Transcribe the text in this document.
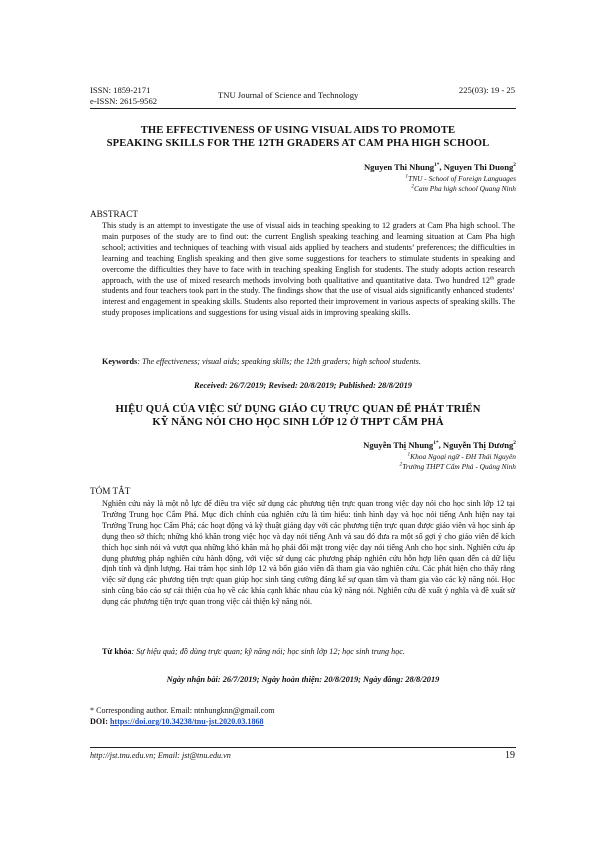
ISSN: 1859-2171
e-ISSN: 2615-9562
TNU Journal of Science and Technology	225(03): 19 - 25
THE EFFECTIVENESS OF USING VISUAL AIDS TO PROMOTE
SPEAKING SKILLS FOR THE 12TH GRADERS AT CAM PHA HIGH SCHOOL
Nguyen Thi Nhung$^{1*}$, Nguyen Thi Duong$^2$
$^1$TNU - School of Foreign Languages
$^2$Cam Pha high school Quang Ninh
ABSTRACT
This study is an attempt to investigate the use of visual aids in teaching speaking to 12 graders at Cam Pha high school. The main purposes of the study are to find out: the current English speaking teaching and learning situation at Cam Pha high school; activities and techniques of teaching with visual aids applied by teachers and students’ preferences; the difficulties in learning and teaching English speaking and then give some suggestions for teachers to stimulate students in speaking and overcome the difficulties they have to face with in teaching speaking English for students. The study adopts action research approach, with the use of mixed research methods involving both qualitative and quantitative data. Two hundred 12th grade students and four teachers took part in the study. The findings show that the use of visual aids significantly enhanced students’ interest and engagement in speaking skills. Students also reported their improvement in various aspects of speaking skills. The study proposes implications and suggestions for using visual aids in improving speaking skills.
Keywords: The effectiveness; visual aids; speaking skills; the 12th graders; high school students.
Received: 26/7/2019; Revised: 20/8/2019; Published: 28/8/2019
HIỆU QUẢ CỦA VIỆC SỬ DỤNG GIÁO CỤ TRỰC QUAN ĐỂ PHÁT TRIỂN
KỸ NĂNG NÓI CHO HỌC SINH LỚP 12 Ở THPT CẨM PHẢ
Nguyễn Thị Nhung$^{1*}$, Nguyễn Thị Dương$^2$
$^1$Khoa Ngoại ngữ - ĐH Thái Nguyên
$^2$Trường THPT Cẩm Phả - Quảng Ninh
TÓM TẮT
Nghiên cứu này là một nỗ lực để điều tra việc sử dụng các phương tiện trực quan trong việc dạy nói cho học sinh lớp 12 tại Trường Trung học Cẩm Phả. Mục đích chính của nghiên cứu là tìm hiểu: tình hình dạy và học nói tiếng Anh hiện nay tại Trường Trung học Cẩm Phả; các hoạt động và kỹ thuật giảng dạy với các phương tiện trực quan được giáo viên và học sinh áp dụng theo sở thích; những khó khăn trong việc học và dạy nói tiếng Anh và sau đó đưa ra một số gợi ý cho giáo viên để kích thích học sinh nói và vượt qua những khó khăn mà họ phải đối mặt trong việc dạy nói tiếng Anh cho học sinh. Nghiên cứu áp dụng phương pháp nghiên cứu hành động, với việc sử dụng các phương pháp nghiên cứu hỗn hợp liên quan đến cả dữ liệu định tính và định lượng. Hai trăm học sinh lớp 12 và bốn giáo viên đã tham gia vào nghiên cứu. Các phát hiện cho thấy rằng việc sử dụng các phương tiện trực quan giúp học sinh tăng cường đáng kể sự quan tâm và tham gia vào các kỹ năng nói. Học sinh cũng báo cáo sự cải thiện của họ về các khía cạnh khác nhau của kỹ năng nói. Nghiên cứu đề xuất ý nghĩa và đề xuất sử dụng các phương tiện trực quan trong việc cải thiện kỹ năng nói.
Từ khóa: Sự hiệu quả; đồ dùng trực quan; kỹ năng nói; học sinh lớp 12; học sinh trung học.
Ngày nhận bài: 26/7/2019; Ngày hoàn thiện: 20/8/2019; Ngày đăng: 28/8/2019
* Corresponding author. Email: ntnhungknn@gmail.com
DOI: https://doi.org/10.34238/tnu-jst.2020.03.1868
http://jst.tnu.edu.vn; Email: jst@tnu.edu.vn	19
